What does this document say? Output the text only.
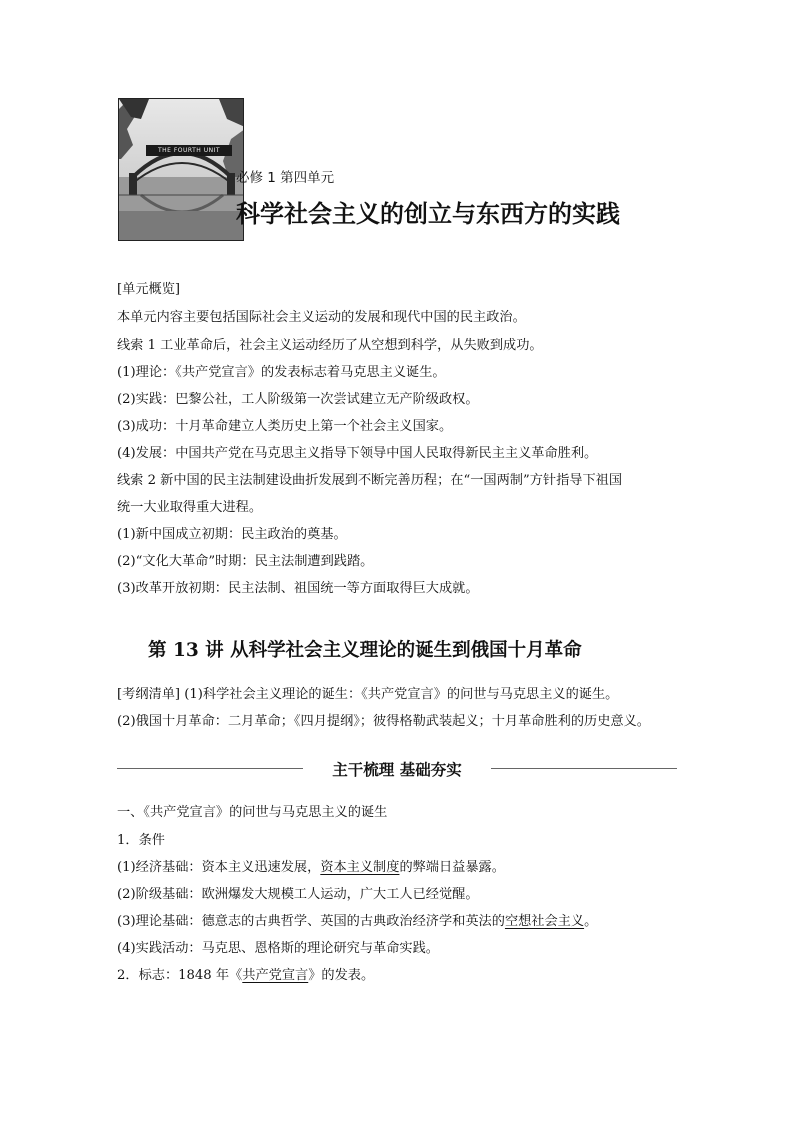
THE FOURTH UNIT
必修 1 第四单元
科学社会主义的创立与东西方的实践
[单元概览]
本单元内容主要包括国际社会主义运动的发展和现代中国的民主政治。
线索 1 工业革命后，社会主义运动经历了从空想到科学，从失败到成功。
(1)理论：《共产党宣言》的发表标志着马克思主义诞生。
(2)实践：巴黎公社，工人阶级第一次尝试建立无产阶级政权。
(3)成功：十月革命建立人类历史上第一个社会主义国家。
(4)发展：中国共产党在马克思主义指导下领导中国人民取得新民主主义革命胜利。
线索 2 新中国的民主法制建设曲折发展到不断完善历程；在“一国两制”方针指导下祖国
统一大业取得重大进程。
(1)新中国成立初期：民主政治的奠基。
(2)“文化大革命”时期：民主法制遭到践踏。
(3)改革开放初期：民主法制、祖国统一等方面取得巨大成就。
第 13 讲 从科学社会主义理论的诞生到俄国十月革命
[考纲清单] (1)科学社会主义理论的诞生：《共产党宣言》的问世与马克思主义的诞生。
(2)俄国十月革命：二月革命；《四月提纲》；彼得格勒武装起义；十月革命胜利的历史意义。
主干梳理 基础夯实
一、《共产党宣言》的问世与马克思主义的诞生
1．条件
(1)经济基础：资本主义迅速发展，资本主义制度的弊端日益暴露。
(2)阶级基础：欧洲爆发大规模工人运动，广大工人已经觉醒。
(3)理论基础：德意志的古典哲学、英国的古典政治经济学和英法的空想社会主义。
(4)实践活动：马克思、恩格斯的理论研究与革命实践。
2．标志：1848 年《共产党宣言》的发表。
